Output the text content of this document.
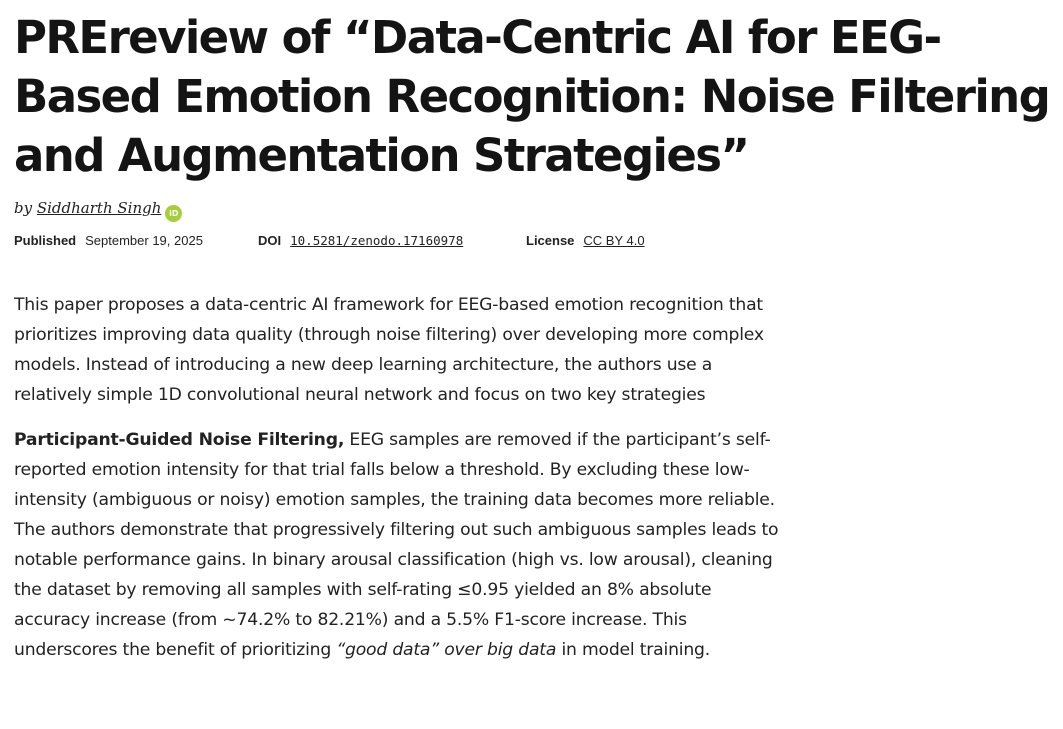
PREreview of “Data-Centric AI for EEG-Based Emotion Recognition: Noise Filtering and Augmentation Strategies”
by Siddharth Singh iD
Published September 19, 2025	DOI 10.5281/zenodo.17160978	License CC BY 4.0

This paper proposes a data-centric AI framework for EEG-based emotion recognition that prioritizes improving data quality (through noise filtering) over developing more complex models. Instead of introducing a new deep learning architecture, the authors use a relatively simple 1D convolutional neural network and focus on two key strategies

Participant-Guided Noise Filtering, EEG samples are removed if the participant’s self-reported emotion intensity for that trial falls below a threshold. By excluding these low-intensity (ambiguous or noisy) emotion samples, the training data becomes more reliable. The authors demonstrate that progressively filtering out such ambiguous samples leads to notable performance gains. In binary arousal classification (high vs. low arousal), cleaning the dataset by removing all samples with self-rating ≤0.95 yielded an 8% absolute accuracy increase (from ~74.2% to 82.21%) and a 5.5% F1-score increase. This underscores the benefit of prioritizing “good data” over big data in model training.
